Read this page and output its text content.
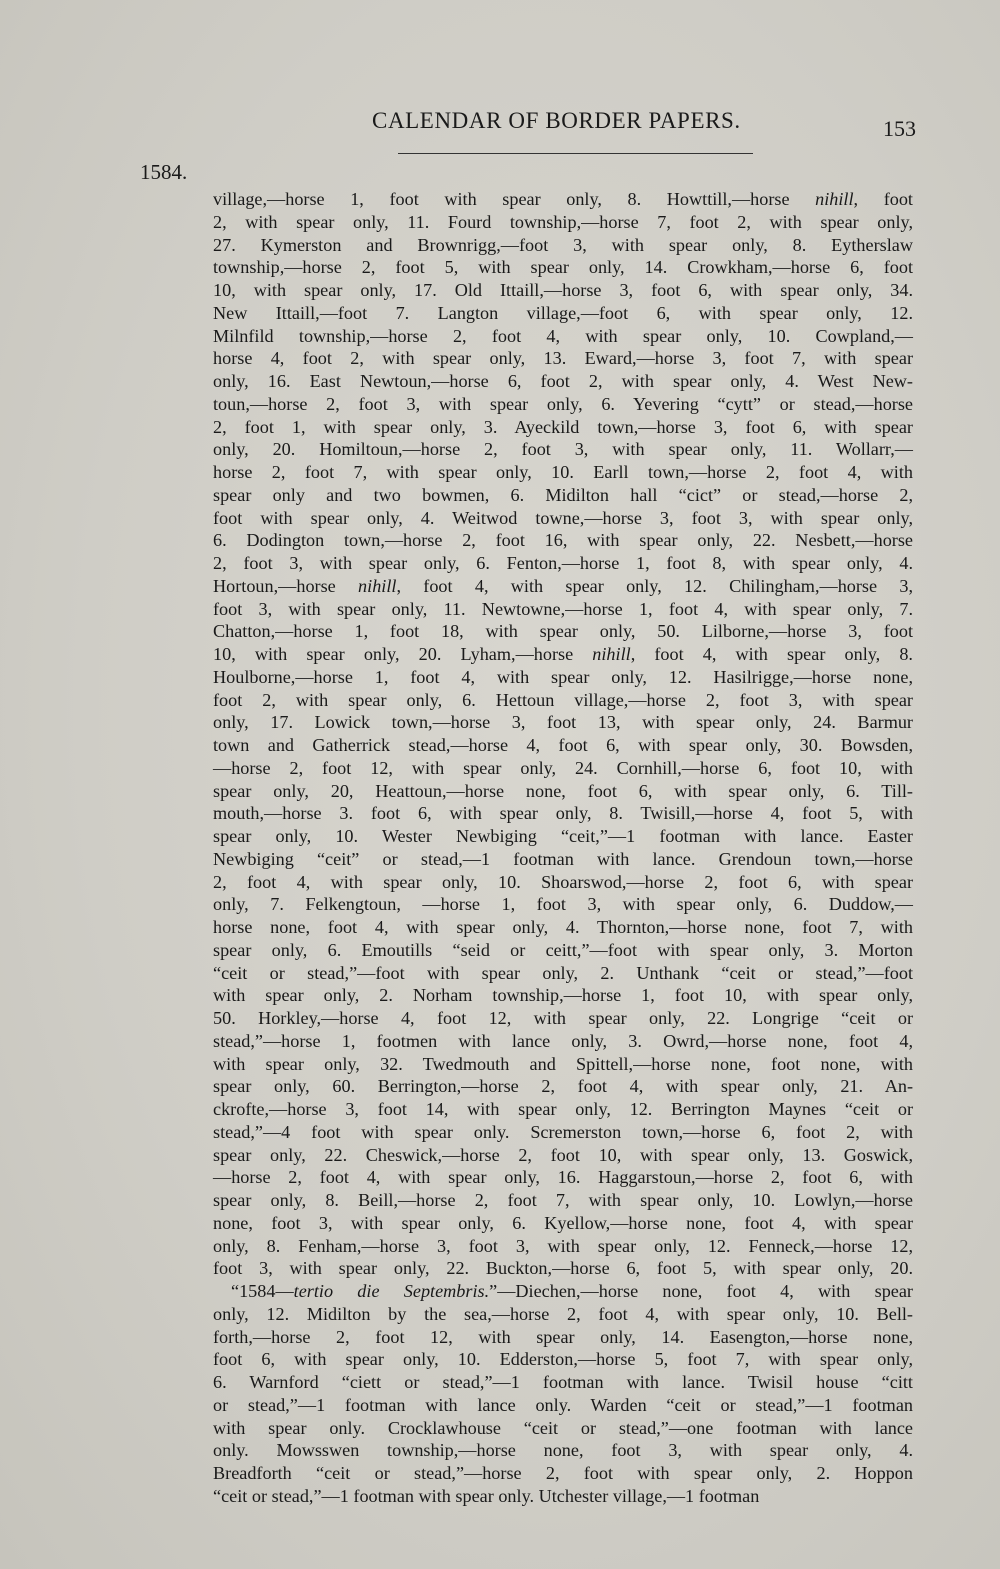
CALENDAR OF BORDER PAPERS.	153
1584.
village,—horse 1, foot with spear only, 8. Howttill,—horse nihill, foot
2, with spear only, 11. Fourd township,—horse 7, foot 2, with spear only,
27. Kymerston and Brownrigg,—foot 3, with spear only, 8. Eytherslaw
township,—horse 2, foot 5, with spear only, 14. Crowkham,—horse 6, foot
10, with spear only, 17. Old Ittaill,—horse 3, foot 6, with spear only, 34.
New Ittaill,—foot 7. Langton village,—foot 6, with spear only, 12.
Milnfild township,—horse 2, foot 4, with spear only, 10. Cowpland,—
horse 4, foot 2, with spear only, 13. Eward,—horse 3, foot 7, with spear
only, 16. East Newtoun,—horse 6, foot 2, with spear only, 4. West New-
toun,—horse 2, foot 3, with spear only, 6. Yevering “cytt” or stead,—horse
2, foot 1, with spear only, 3. Ayeckild town,—horse 3, foot 6, with spear
only, 20. Homiltoun,—horse 2, foot 3, with spear only, 11. Wollarr,—
horse 2, foot 7, with spear only, 10. Earll town,—horse 2, foot 4, with
spear only and two bowmen, 6. Midilton hall “cict” or stead,—horse 2,
foot with spear only, 4. Weitwod towne,—horse 3, foot 3, with spear only,
6. Dodington town,—horse 2, foot 16, with spear only, 22. Nesbett,—horse
2, foot 3, with spear only, 6. Fenton,—horse 1, foot 8, with spear only, 4.
Hortoun,—horse nihill, foot 4, with spear only, 12. Chilingham,—horse 3,
foot 3, with spear only, 11. Newtowne,—horse 1, foot 4, with spear only, 7.
Chatton,—horse 1, foot 18, with spear only, 50. Lilborne,—horse 3, foot
10, with spear only, 20. Lyham,—horse nihill, foot 4, with spear only, 8.
Houlborne,—horse 1, foot 4, with spear only, 12. Hasilrigge,—horse none,
foot 2, with spear only, 6. Hettoun village,—horse 2, foot 3, with spear
only, 17. Lowick town,—horse 3, foot 13, with spear only, 24. Barmur
town and Gatherrick stead,—horse 4, foot 6, with spear only, 30. Bowsden,
—horse 2, foot 12, with spear only, 24. Cornhill,—horse 6, foot 10, with
spear only, 20, Heattoun,—horse none, foot 6, with spear only, 6. Till-
mouth,—horse 3. foot 6, with spear only, 8. Twisill,—horse 4, foot 5, with
spear only, 10. Wester Newbiging “ceit,”—1 footman with lance. Easter
Newbiging “ceit” or stead,—1 footman with lance. Grendoun town,—horse
2, foot 4, with spear only, 10. Shoarswod,—horse 2, foot 6, with spear
only, 7. Felkengtoun, —horse 1, foot 3, with spear only, 6. Duddow,—
horse none, foot 4, with spear only, 4. Thornton,—horse none, foot 7, with
spear only, 6. Emoutills “seid or ceitt,”—foot with spear only, 3. Morton
“ceit or stead,”—foot with spear only, 2. Unthank “ceit or stead,”—foot
with spear only, 2. Norham township,—horse 1, foot 10, with spear only,
50. Horkley,—horse 4, foot 12, with spear only, 22. Longrige “ceit or
stead,”—horse 1, footmen with lance only, 3. Owrd,—horse none, foot 4,
with spear only, 32. Twedmouth and Spittell,—horse none, foot none, with
spear only, 60. Berrington,—horse 2, foot 4, with spear only, 21. An-
ckrofte,—horse 3, foot 14, with spear only, 12. Berrington Maynes “ceit or
stead,”—4 foot with spear only. Scremerston town,—horse 6, foot 2, with
spear only, 22. Cheswick,—horse 2, foot 10, with spear only, 13. Goswick,
—horse 2, foot 4, with spear only, 16. Haggarstoun,—horse 2, foot 6, with
spear only, 8. Beill,—horse 2, foot 7, with spear only, 10. Lowlyn,—horse
none, foot 3, with spear only, 6. Kyellow,—horse none, foot 4, with spear
only, 8. Fenham,—horse 3, foot 3, with spear only, 12. Fenneck,—horse 12,
foot 3, with spear only, 22. Buckton,—horse 6, foot 5, with spear only, 20.
“1584—tertio die Septembris.”—Diechen,—horse none, foot 4, with spear
only, 12. Midilton by the sea,—horse 2, foot 4, with spear only, 10. Bell-
forth,—horse 2, foot 12, with spear only, 14. Easengton,—horse none,
foot 6, with spear only, 10. Edderston,—horse 5, foot 7, with spear only,
6. Warnford “ciett or stead,”—1 footman with lance. Twisil house “citt
or stead,”—1 footman with lance only. Warden “ceit or stead,”—1 footman
with spear only. Crocklawhouse “ceit or stead,”—one footman with lance
only. Mowsswen township,—horse none, foot 3, with spear only, 4.
Breadforth “ceit or stead,”—horse 2, foot with spear only, 2. Hoppon
“ceit or stead,”—1 footman with spear only. Utchester village,—1 footman
